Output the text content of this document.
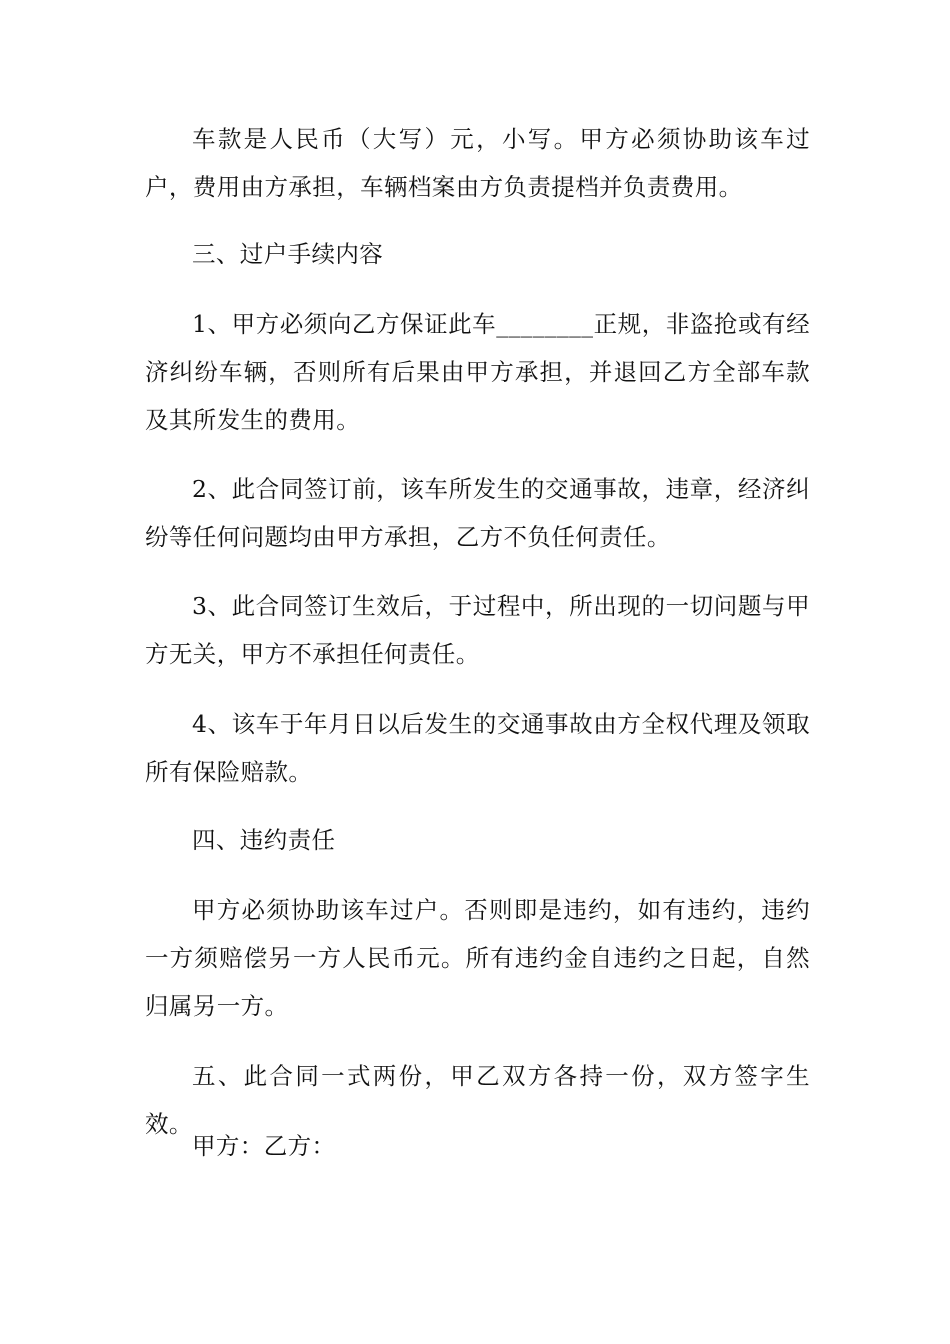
车款是人民币（大写）元，小写。甲方必须协助该车过户，费用由方承担，车辆档案由方负责提档并负责费用。

三、过户手续内容

1、甲方必须向乙方保证此车________正规，非盗抢或有经济纠纷车辆，否则所有后果由甲方承担，并退回乙方全部车款及其所发生的费用。

2、此合同签订前，该车所发生的交通事故，违章，经济纠纷等任何问题均由甲方承担，乙方不负任何责任。

3、此合同签订生效后，于过程中，所出现的一切问题与甲方无关，甲方不承担任何责任。

4、该车于年月日以后发生的交通事故由方全权代理及领取所有保险赔款。

四、违约责任

甲方必须协助该车过户。否则即是违约，如有违约，违约一方须赔偿另一方人民币元。所有违约金自违约之日起，自然归属另一方。

五、此合同一式两份，甲乙双方各持一份，双方签字生效。

甲方：乙方：
